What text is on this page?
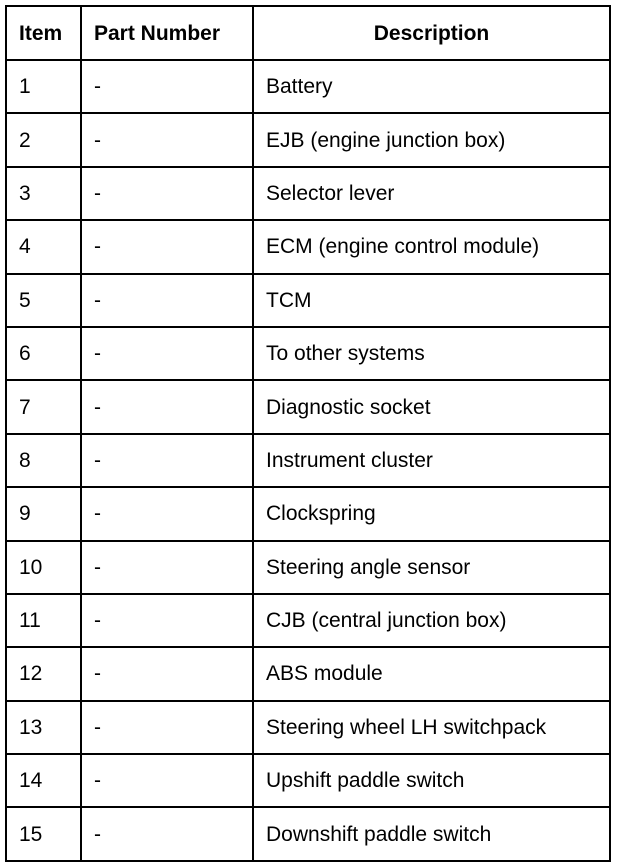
Item	Part Number	Description
1	-	Battery
2	-	EJB (engine junction box)
3	-	Selector lever
4	-	ECM (engine control module)
5	-	TCM
6	-	To other systems
7	-	Diagnostic socket
8	-	Instrument cluster
9	-	Clockspring
10	-	Steering angle sensor
11	-	CJB (central junction box)
12	-	ABS module
13	-	Steering wheel LH switchpack
14	-	Upshift paddle switch
15	-	Downshift paddle switch
